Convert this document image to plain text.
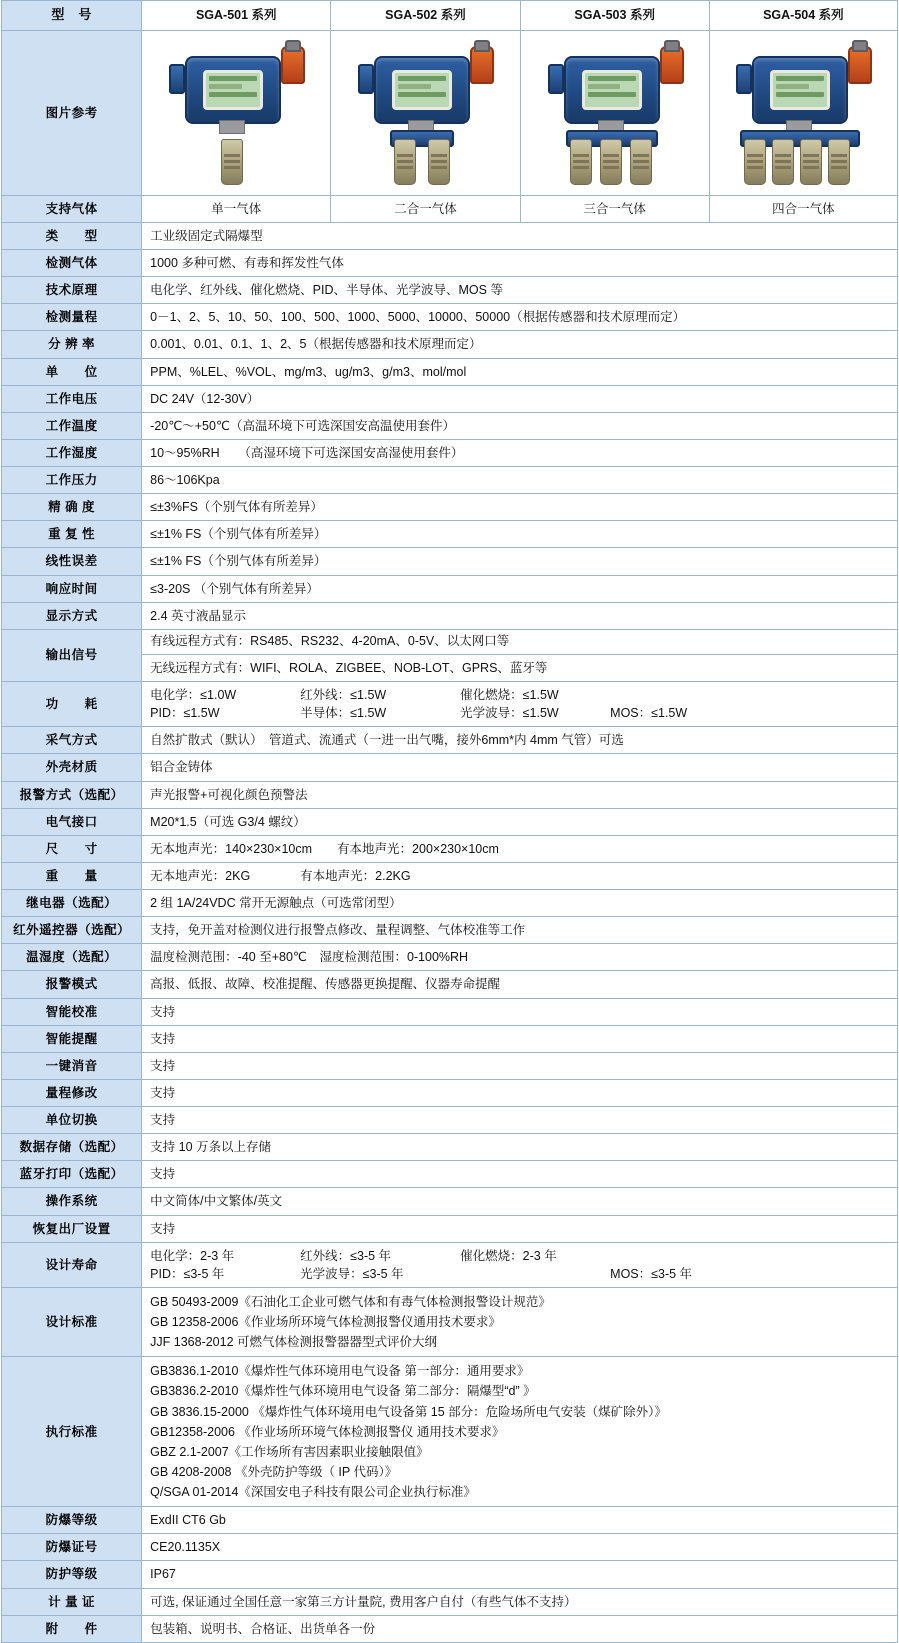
型　号	SGA-501 系列	SGA-502 系列	SGA-503 系列	SGA-504 系列
图片参考	

支持气体	单一气体	二合一气体	三合一气体	四合一气体
类　　型	工业级固定式隔爆型			
检测气体	1000 多种可燃、有毒和挥发性气体			
技术原理	电化学、红外线、催化燃烧、PID、半导体、光学波导、MOS 等			
检测量程	0－1、2、5、10、50、100、500、1000、5000、10000、50000（根据传感器和技术原理而定）			
分 辨 率	0.001、0.01、0.1、1、2、5（根据传感器和技术原理而定）			
单　　位	PPM、%LEL、%VOL、mg/m3、ug/m3、g/m3、mol/mol			
工作电压	DC 24V（12-30V）			
工作温度	-20℃～+50℃（高温环境下可选深国安高温使用套件）			
工作湿度	10～95%RH　　（高湿环境下可选深国安高湿使用套件）			
工作压力	86～106Kpa			
精 确 度	≤±3%FS（个别气体有所差异）			
重 复 性	≤±1% FS（个别气体有所差异）			
线性误差	≤±1% FS（个别气体有所差异）			
响应时间	≤3-20S （个别气体有所差异）			
显示方式	2.4 英寸液晶显示			
输出信号	有线远程方式有：RS485、RS232、4-20mA、0-5V、以太网口等
无线远程方式有：WIFI、ROLA、ZIGBEE、NOB-LOT、GPRS、蓝牙等			

功　　耗	电化学：≤1.0W 红外线：≤1.5W 催化燃烧：≤1.5W
PID：≤1.5W 半导体：≤1.5W 光学波导：≤1.5W MOS：≤1.5W			

采气方式	自然扩散式（默认）　管道式、流通式（一进一出气嘴，接外6mm*内 4mm 气管）可选			
外壳材质	铝合金铸体			
报警方式（选配）	声光报警+可视化颜色预警法			
电气接口	M20*1.5（可选 G3/4 螺纹）			
尺　　寸	无本地声光：140×230×10cm　　有本地声光：200×230×10cm			
重　　量	无本地声光：2KG　　　　有本地声光：2.2KG			
继电器（选配）	2 组 1A/24VDC 常开无源触点（可选常闭型）			
红外遥控器（选配）	支持，免开盖对检测仪进行报警点修改、量程调整、气体校准等工作			
温湿度（选配）	温度检测范围：-40 至+80℃　湿度检测范围：0-100%RH			
报警模式	高报、低报、故障、校准提醒、传感器更换提醒、仪器寿命提醒			
智能校准	支持			
智能提醒	支持			
一键消音	支持			
量程修改	支持			
单位切换	支持			
数据存储（选配）	支持 10 万条以上存储			
蓝牙打印（选配）	支持			
操作系统	中文简体/中文繁体/英文			
恢复出厂设置	支持			
设计寿命	电化学：2-3 年 红外线：≤3-5 年 催化燃烧：2-3 年
PID：≤3-5 年 光学波导：≤3-5 年 MOS：≤3-5 年			

设计标准	GB 50493-2009《石油化工企业可燃气体和有毒气体检测报警设计规范》
GB 12358-2006《作业场所环境气体检测报警仪通用技术要求》
JJF 1368-2012 可燃气体检测报警器器型式评价大纲			

执行标准	
GB3836.1-2010《爆炸性气体环境用电气设备 第一部分：通用要求》
GB3836.2-2010《爆炸性气体环境用电气设备 第二部分：隔爆型“d” 》
GB 3836.15-2000 《爆炸性气体环境用电气设备第 15 部分：危险场所电气安装（煤矿除外）》
GB12358-2006 《作业场所环境气体检测报警仪 通用技术要求》
GBZ 2.1-2007《工作场所有害因素职业接触限值》
GB 4208-2008 《外壳防护等级（ IP 代码）》
Q/SGA 01-2014《深国安电子科技有限公司企业执行标准》

防爆等级	ExdII CT6 Gb			
防爆证号	CE20.1135X			
防护等级	IP67			
计 量 证	可选, 保证通过全国任意一家第三方计量院, 费用客户自付（有些气体不支持）			
附　　件	包装箱、说明书、合格证、出货单各一份			
